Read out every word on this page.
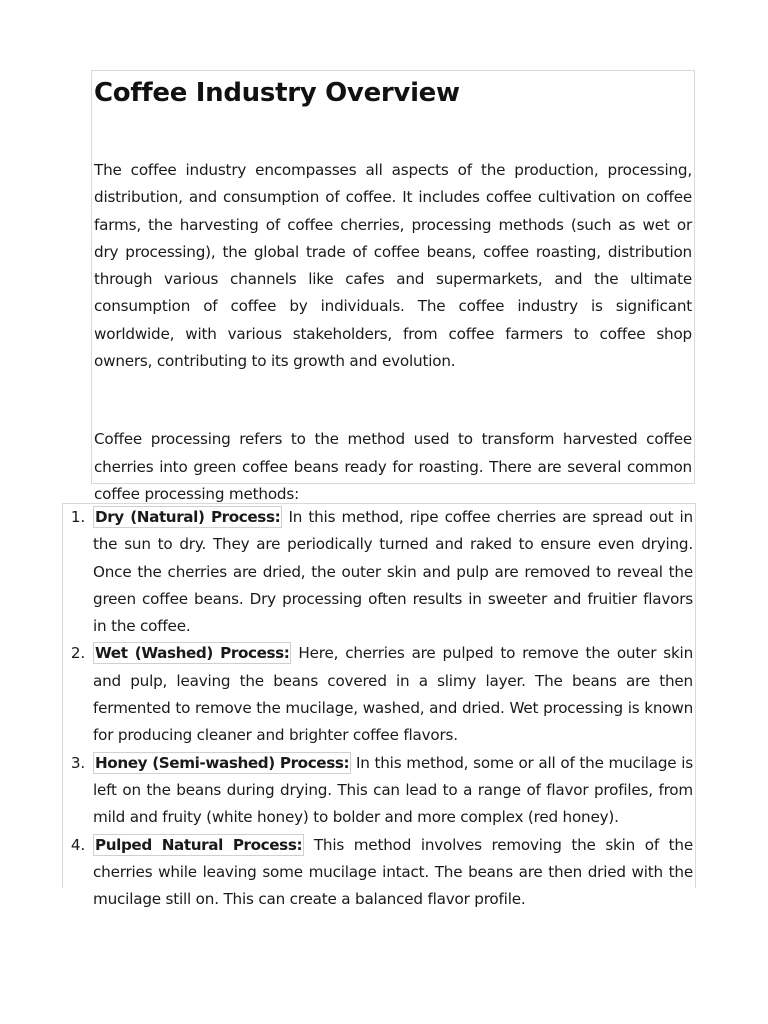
Coffee Industry Overview

The coffee industry encompasses all aspects of the production, processing, distribution, and consumption of coffee. It includes coffee cultivation on coffee farms, the harvesting of coffee cherries, processing methods (such as wet or dry processing), the global trade of coffee beans, coffee roasting, distribution through various channels like cafes and supermarkets, and the ultimate consumption of coffee by individuals. The coffee industry is significant worldwide, with various stakeholders, from coffee farmers to coffee shop owners, contributing to its growth and evolution.

Coffee processing refers to the method used to transform harvested coffee cherries into green coffee beans ready for roasting. There are several common coffee processing methods:

1. Dry (Natural) Process: In this method, ripe coffee cherries are spread out in the sun to dry. They are periodically turned and raked to ensure even drying. Once the cherries are dried, the outer skin and pulp are removed to reveal the green coffee beans. Dry processing often results in sweeter and fruitier flavors in the coffee.
2. Wet (Washed) Process: Here, cherries are pulped to remove the outer skin and pulp, leaving the beans covered in a slimy layer. The beans are then fermented to remove the mucilage, washed, and dried. Wet processing is known for producing cleaner and brighter coffee flavors.
3. Honey (Semi-washed) Process: In this method, some or all of the mucilage is left on the beans during drying. This can lead to a range of flavor profiles, from mild and fruity (white honey) to bolder and more complex (red honey).
4. Pulped Natural Process: This method involves removing the skin of the cherries while leaving some mucilage intact. The beans are then dried with the mucilage still on. This can create a balanced flavor profile.
